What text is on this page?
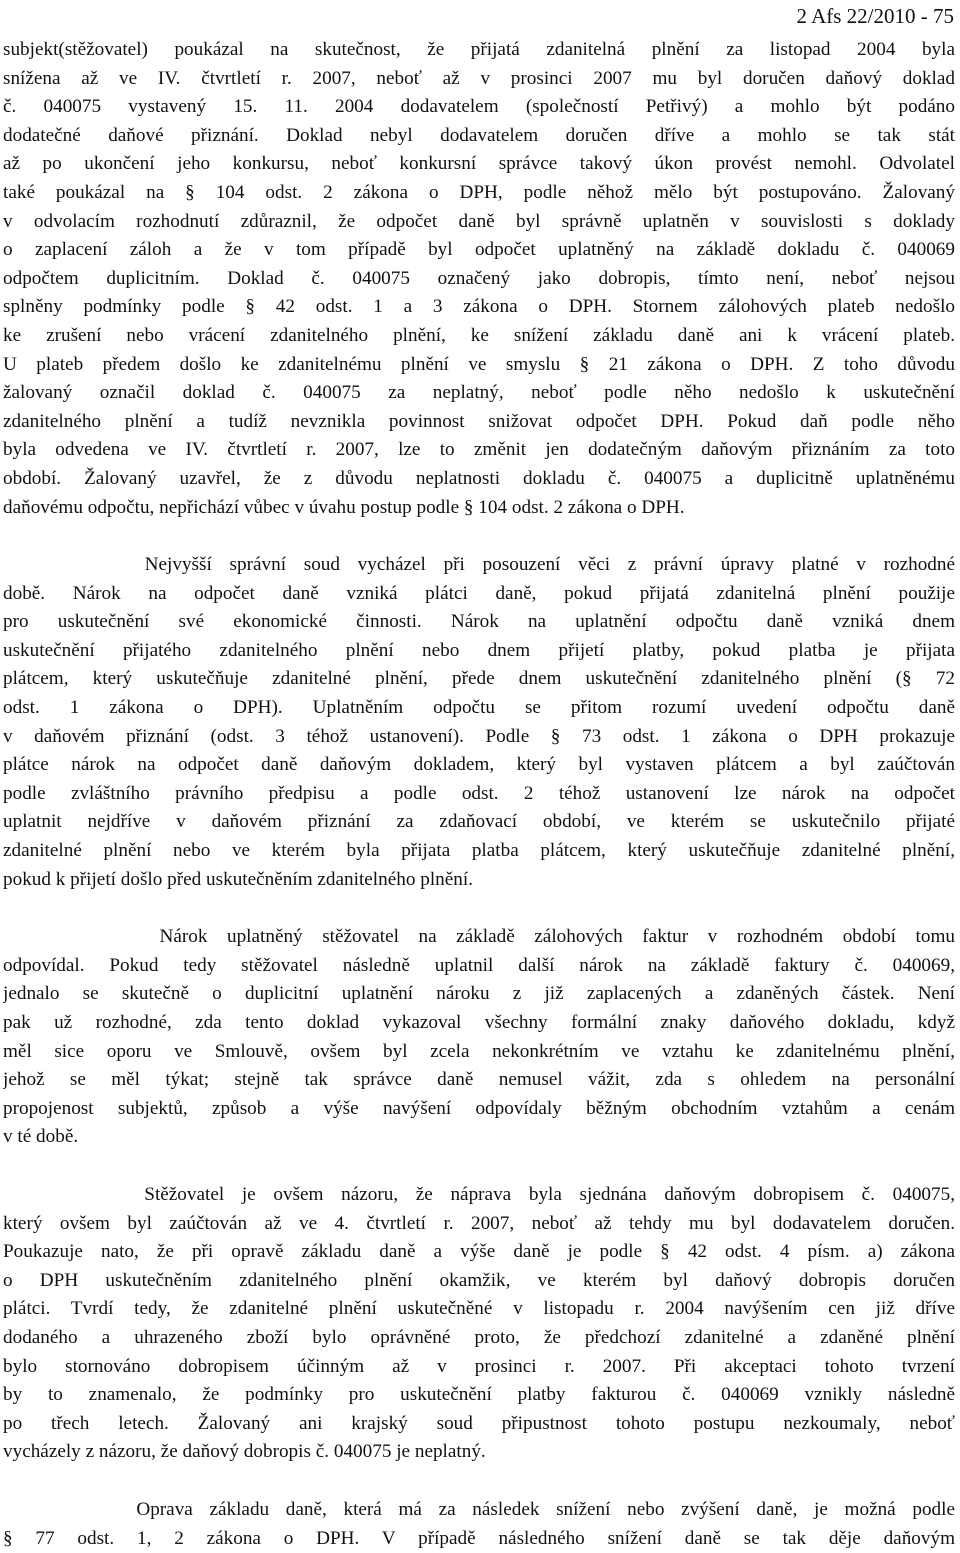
2 Afs 22/2010 - 75
subjekt(stěžovatel) poukázal na skutečnost, že přijatá zdanitelná plnění za listopad 2004 byla
snížena až ve IV. čtvrtletí r. 2007, neboť až v prosinci 2007 mu byl doručen daňový doklad
č. 040075 vystavený 15. 11. 2004 dodavatelem (společností Petřivý) a mohlo být podáno
dodatečné daňové přiznání. Doklad nebyl dodavatelem doručen dříve a mohlo se tak stát
až po ukončení jeho konkursu, neboť konkursní správce takový úkon provést nemohl. Odvolatel
také poukázal na § 104 odst. 2 zákona o DPH, podle něhož mělo být postupováno. Žalovaný
v odvolacím rozhodnutí zdůraznil, že odpočet daně byl správně uplatněn v souvislosti s doklady
o zaplacení záloh a že v tom případě byl odpočet uplatněný na základě dokladu č. 040069
odpočtem duplicitním. Doklad č. 040075 označený jako dobropis, tímto není, neboť nejsou
splněny podmínky podle § 42 odst. 1 a 3 zákona o DPH. Stornem zálohových plateb nedošlo
ke zrušení nebo vrácení zdanitelného plnění, ke snížení základu daně ani k vrácení plateb.
U plateb předem došlo ke zdanitelnému plnění ve smyslu § 21 zákona o DPH. Z toho důvodu
žalovaný označil doklad č. 040075 za neplatný, neboť podle něho nedošlo k uskutečnění
zdanitelného plnění a tudíž nevznikla povinnost snižovat odpočet DPH. Pokud daň podle něho
byla odvedena ve IV. čtvrtletí r. 2007, lze to změnit jen dodatečným daňovým přiznáním za toto
období. Žalovaný uzavřel, že z důvodu neplatnosti dokladu č. 040075 a duplicitně uplatněnému
daňovému odpočtu, nepřichází vůbec v úvahu postup podle § 104 odst. 2 zákona o DPH.
Nejvyšší správní soud vycházel při posouzení věci z právní úpravy platné v rozhodné
době. Nárok na odpočet daně vzniká plátci daně, pokud přijatá zdanitelná plnění použije
pro uskutečnění své ekonomické činnosti. Nárok na uplatnění odpočtu daně vzniká dnem
uskutečnění přijatého zdanitelného plnění nebo dnem přijetí platby, pokud platba je přijata
plátcem, který uskutečňuje zdanitelné plnění, přede dnem uskutečnění zdanitelného plnění (§ 72
odst. 1 zákona o DPH). Uplatněním odpočtu se přitom rozumí uvedení odpočtu daně
v daňovém přiznání (odst. 3 téhož ustanovení). Podle § 73 odst. 1 zákona o DPH prokazuje
plátce nárok na odpočet daně daňovým dokladem, který byl vystaven plátcem a byl zaúčtován
podle zvláštního právního předpisu a podle odst. 2 téhož ustanovení lze nárok na odpočet
uplatnit nejdříve v daňovém přiznání za zdaňovací období, ve kterém se uskutečnilo přijaté
zdanitelné plnění nebo ve kterém byla přijata platba plátcem, který uskutečňuje zdanitelné plnění,
pokud k přijetí došlo před uskutečněním zdanitelného plnění.
Nárok uplatněný stěžovatel na základě zálohových faktur v rozhodném období tomu
odpovídal. Pokud tedy stěžovatel následně uplatnil další nárok na základě faktury č. 040069,
jednalo se skutečně o duplicitní uplatnění nároku z již zaplacených a zdaněných částek. Není
pak už rozhodné, zda tento doklad vykazoval všechny formální znaky daňového dokladu, když
měl sice oporu ve Smlouvě, ovšem byl zcela nekonkrétním ve vztahu ke zdanitelnému plnění,
jehož se měl týkat; stejně tak správce daně nemusel vážit, zda s ohledem na personální
propojenost subjektů, způsob a výše navýšení odpovídaly běžným obchodním vztahům a cenám
v té době.
Stěžovatel je ovšem názoru, že náprava byla sjednána daňovým dobropisem č. 040075,
který ovšem byl zaúčtován až ve 4. čtvrtletí r. 2007, neboť až tehdy mu byl dodavatelem doručen.
Poukazuje nato, že při opravě základu daně a výše daně je podle § 42 odst. 4 písm. a) zákona
o DPH uskutečněním zdanitelného plnění okamžik, ve kterém byl daňový dobropis doručen
plátci. Tvrdí tedy, že zdanitelné plnění uskutečněné v listopadu r. 2004 navýšením cen již dříve
dodaného a uhrazeného zboží bylo oprávněné proto, že předchozí zdanitelné a zdaněné plnění
bylo stornováno dobropisem účinným až v prosinci r. 2007. Při akceptaci tohoto tvrzení
by to znamenalo, že podmínky pro uskutečnění platby fakturou č. 040069 vznikly následně
po třech letech. Žalovaný ani krajský soud připustnost tohoto postupu nezkoumaly, neboť
vycházely z názoru, že daňový dobropis č. 040075 je neplatný.
Oprava základu daně, která má za následek snížení nebo zvýšení daně, je možná podle
§ 77 odst. 1, 2 zákona o DPH. V případě následného snížení daně se tak děje daňovým
